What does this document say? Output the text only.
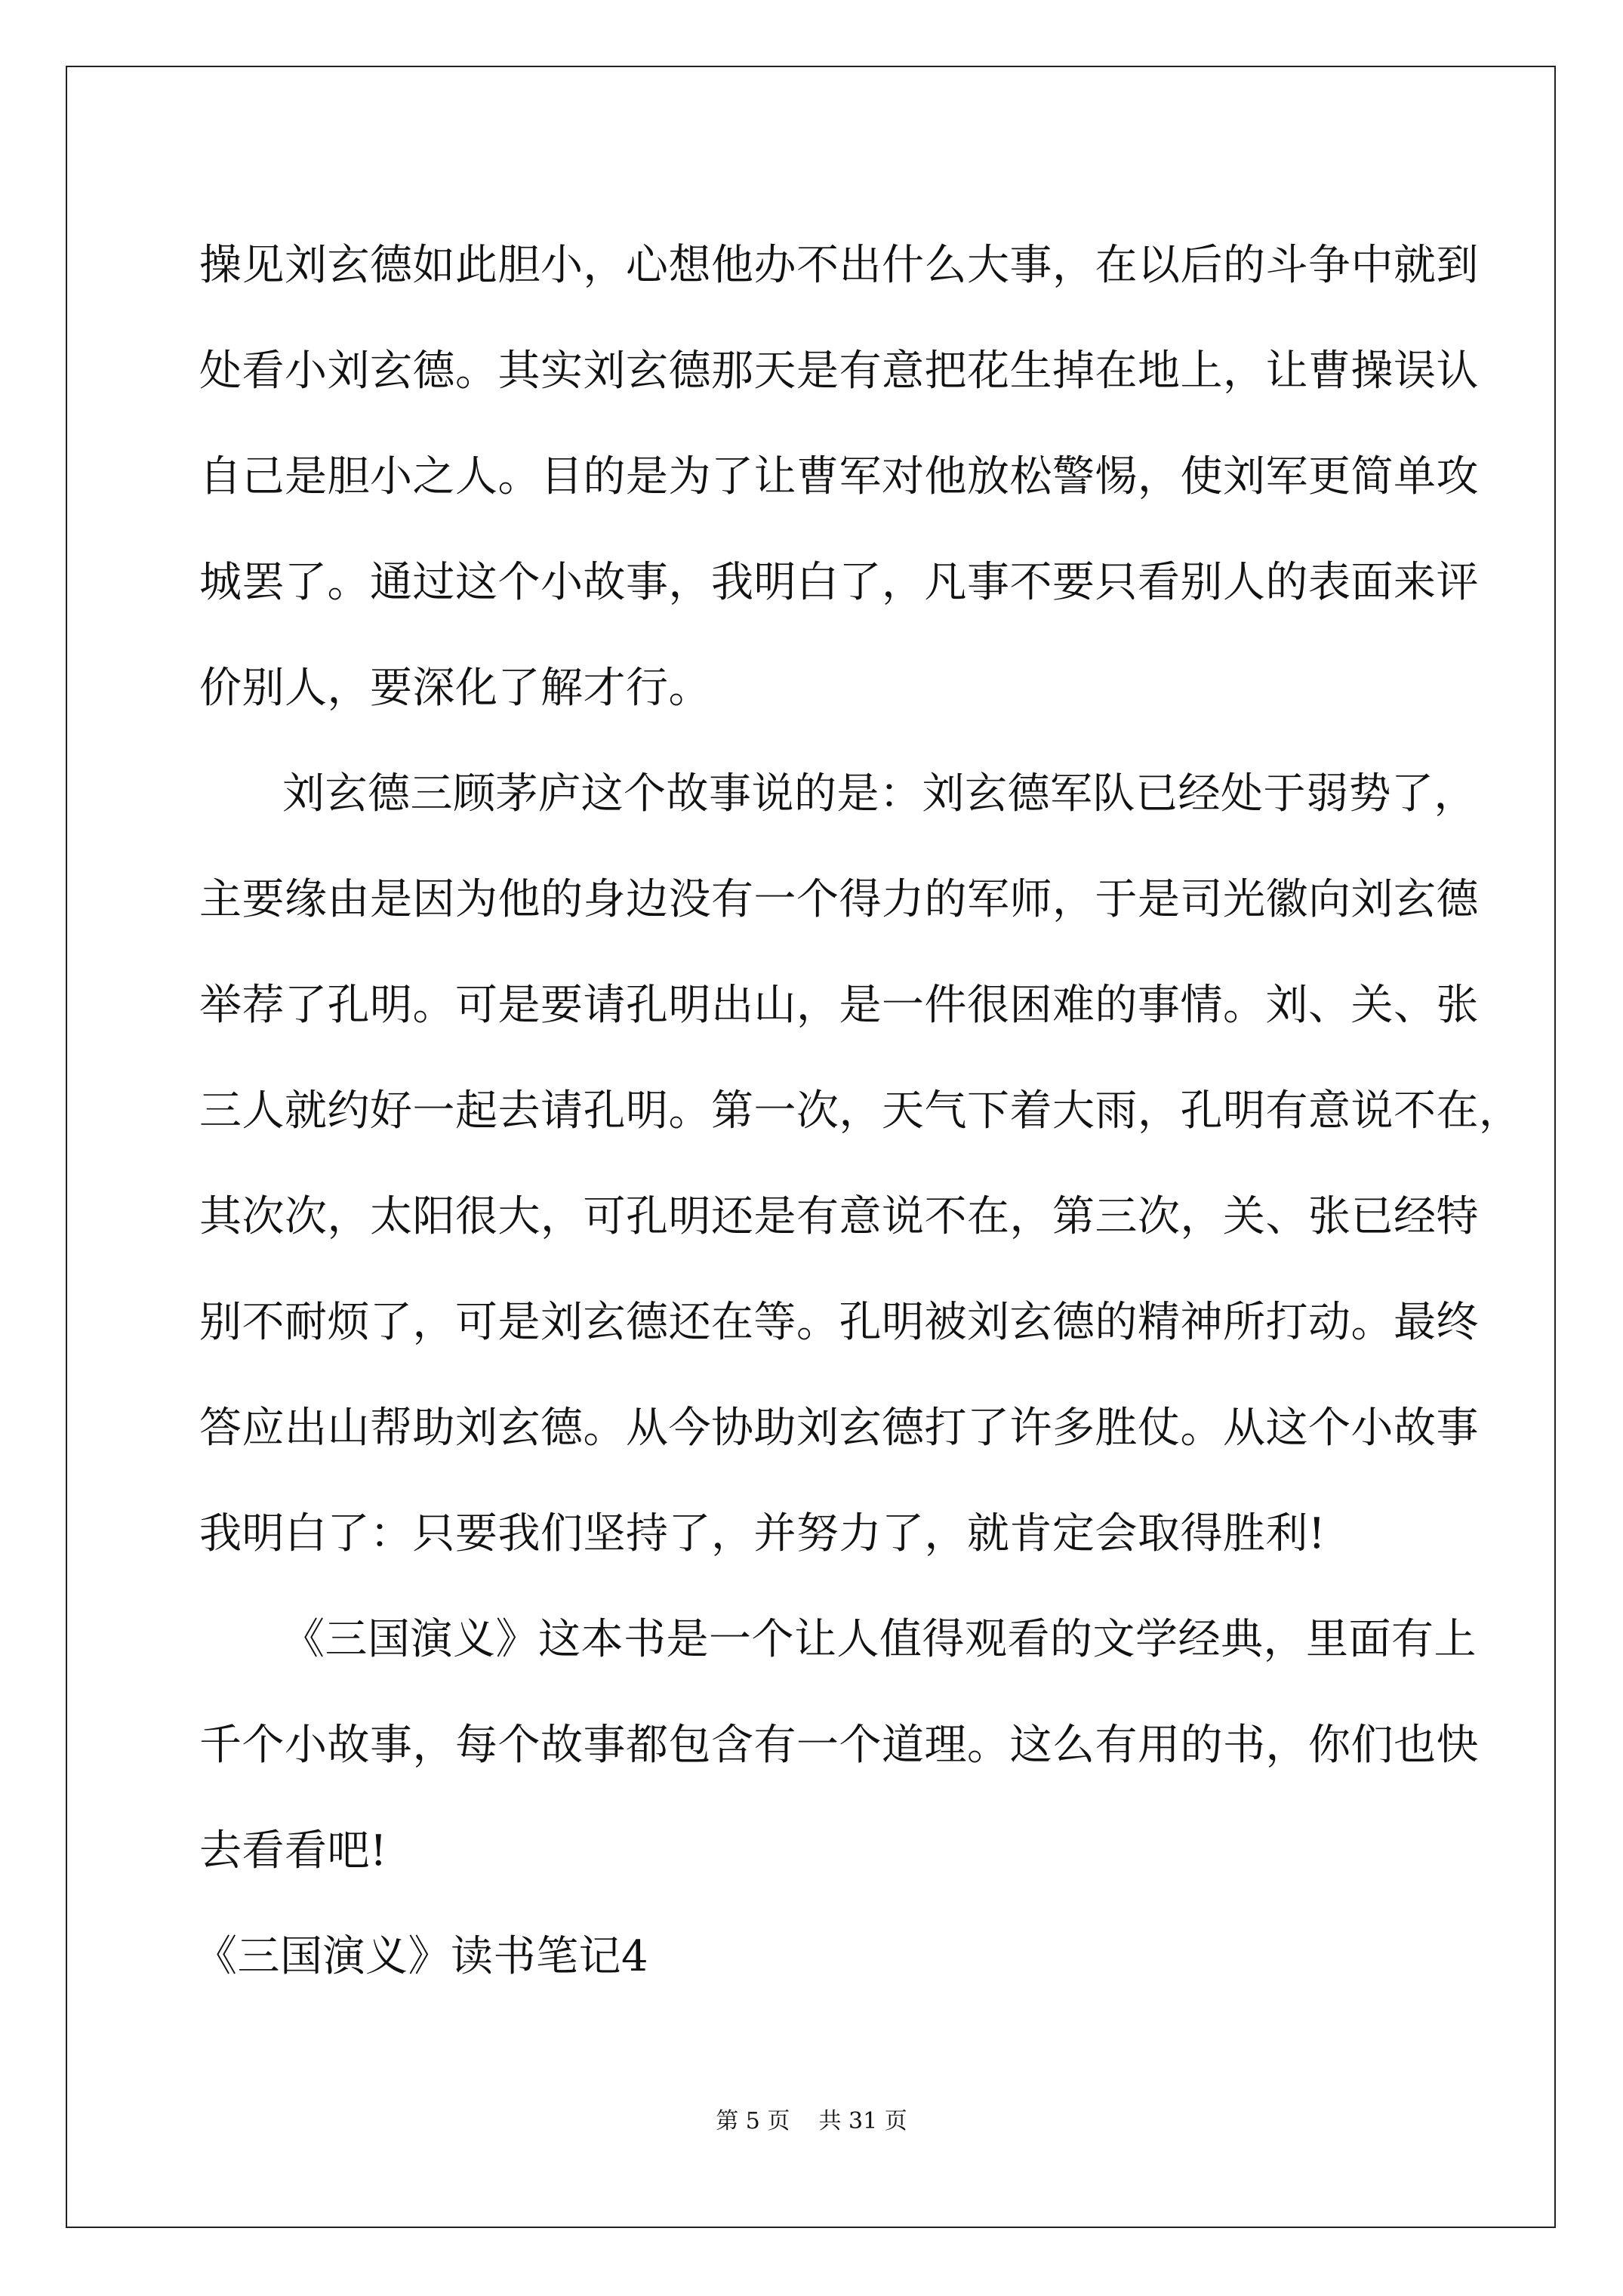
操见刘玄德如此胆小，心想他办不出什么大事，在以后的斗争中就到
处看小刘玄德。其实刘玄德那天是有意把花生掉在地上，让曹操误认
自己是胆小之人。目的是为了让曹军对他放松警惕，使刘军更简单攻
城罢了。通过这个小故事，我明白了，凡事不要只看别人的表面来评
价别人，要深化了解才行。
刘玄德三顾茅庐这个故事说的是：刘玄德军队已经处于弱势了，
主要缘由是因为他的身边没有一个得力的军师，于是司光徽向刘玄德
举荐了孔明。可是要请孔明出山，是一件很困难的事情。刘、关、张
三人就约好一起去请孔明。第一次，天气下着大雨，孔明有意说不在，
其次次，太阳很大，可孔明还是有意说不在，第三次，关、张已经特
别不耐烦了，可是刘玄德还在等。孔明被刘玄德的精神所打动。最终
答应出山帮助刘玄德。从今协助刘玄德打了许多胜仗。从这个小故事
我明白了：只要我们坚持了，并努力了，就肯定会取得胜利!
《三国演义》这本书是一个让人值得观看的文学经典，里面有上
千个小故事，每个故事都包含有一个道理。这么有用的书，你们也快
去看看吧!
《三国演义》读书笔记4
第 5 页    共 31 页
